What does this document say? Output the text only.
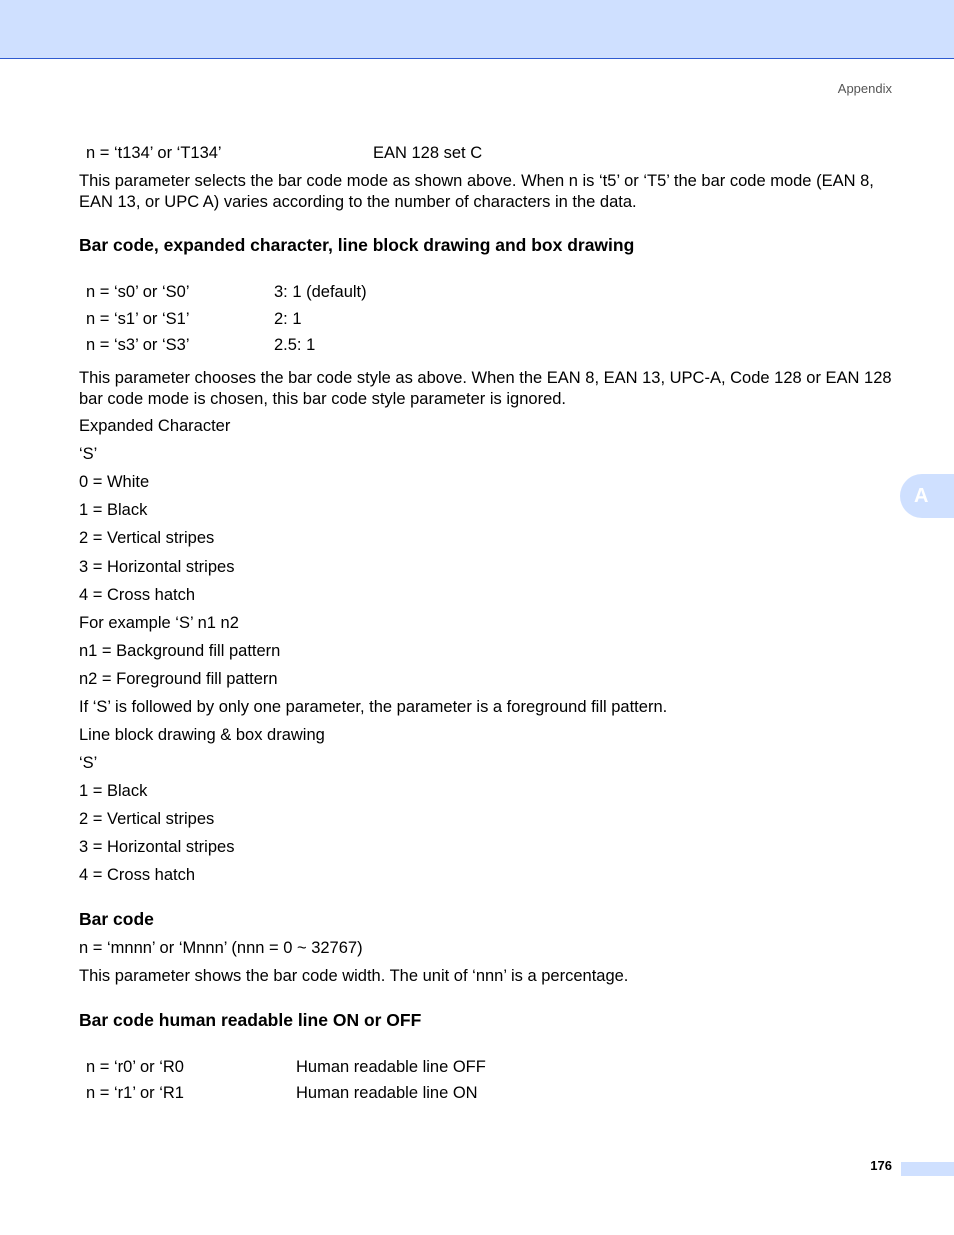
Appendix
A
n = ‘t134’ or ‘T134’	EAN 128 set C
This parameter selects the bar code mode as shown above. When n is ‘t5’ or ‘T5’ the bar code mode (EAN 8, EAN 13, or UPC A) varies according to the number of characters in the data.
Bar code, expanded character, line block drawing and box drawing
n = ‘s0’ or ‘S0’	3: 1 (default)
n = ‘s1’ or ‘S1’	2: 1
n = ‘s3’ or ‘S3’	2.5: 1
This parameter chooses the bar code style as above. When the EAN 8, EAN 13, UPC-A, Code 128 or EAN 128 bar code mode is chosen, this bar code style parameter is ignored.
Expanded Character
‘S’
0 = White
1 = Black
2 = Vertical stripes
3 = Horizontal stripes
4 = Cross hatch
For example ‘S’ n1 n2
n1 = Background fill pattern
n2 = Foreground fill pattern
If ‘S’ is followed by only one parameter, the parameter is a foreground fill pattern.
Line block drawing & box drawing
‘S’
1 = Black
2 = Vertical stripes
3 = Horizontal stripes
4 = Cross hatch
Bar code
n = ‘mnnn’ or ‘Mnnn’ (nnn = 0 ~ 32767)
This parameter shows the bar code width. The unit of ‘nnn’ is a percentage.
Bar code human readable line ON or OFF
n = ‘r0’ or ‘R0	Human readable line OFF
n = ‘r1’ or ‘R1	Human readable line ON
176
